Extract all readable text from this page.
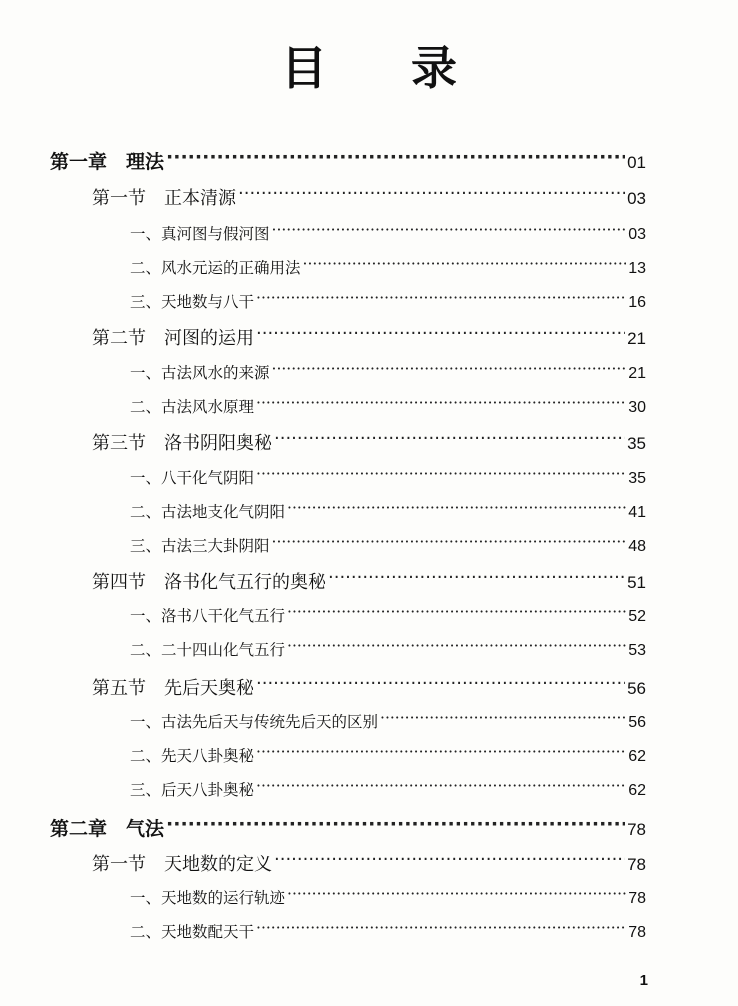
目 录
第一章　理法 ·····	01
第一节　正本清源 ·····	03
一、真河图与假河图 ·····	03
二、风水元运的正确用法 ·····	13
三、天地数与八干 ·····	16
第二节　河图的运用 ·····	21
一、古法风水的来源 ·····	21
二、古法风水原理 ·····	30
第三节　洛书阴阳奥秘 ·····	35
一、八干化气阴阳 ·····	35
二、古法地支化气阴阳 ·····	41
三、古法三大卦阴阳 ·····	48
第四节　洛书化气五行的奥秘 ·····	51
一、洛书八干化气五行 ·····	52
二、二十四山化气五行 ·····	53
第五节　先后天奥秘 ·····	56
一、古法先后天与传统先后天的区别 ·····	56
二、先天八卦奥秘 ·····	62
三、后天八卦奥秘 ·····	62
第二章　气法 ·····	78
第一节　天地数的定义 ·····	78
一、天地数的运行轨迹 ·····	78
二、天地数配天干 ·····	78
1
